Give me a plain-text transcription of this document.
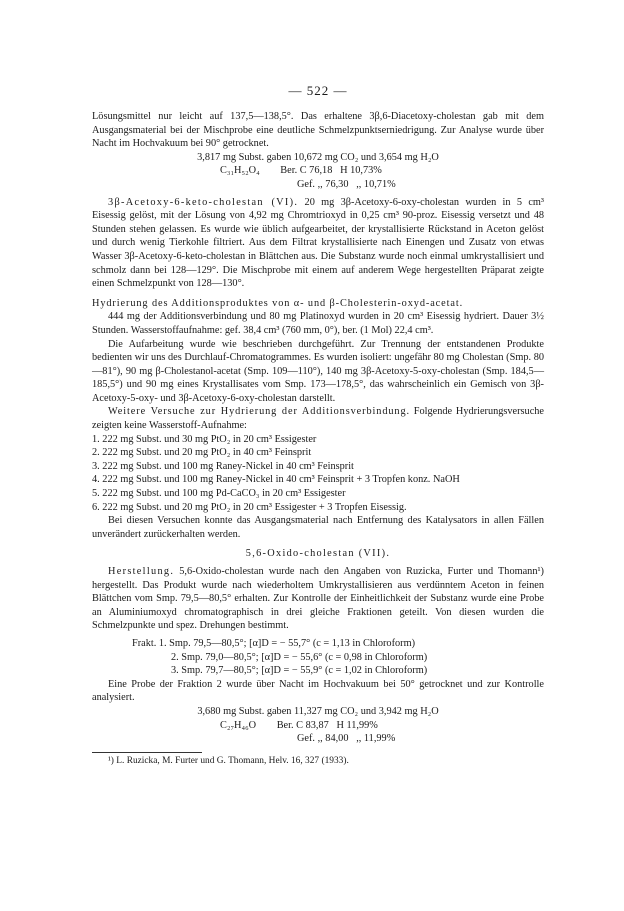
— 522 —

Lösungsmittel nur leicht auf 137,5—138,5°. Das erhaltene 3β,6-Diacetoxy-cholestan gab mit dem Ausgangsmaterial bei der Mischprobe eine deutliche Schmelzpunktserniedrigung. Zur Analyse wurde über Nacht im Hochvakuum bei 90° getrocknet.

3,817 mg Subst. gaben 10,672 mg CO₂ und 3,654 mg H₂O

C₃₁H₅₂O₄        Ber. C 76,18   H 10,73%

Gef. ,, 76,30   ,, 10,71%

3β-Acetoxy-6-keto-cholestan (VI). 20 mg 3β-Acetoxy-6-oxy-cholestan wurden in 5 cm³ Eisessig gelöst, mit der Lösung von 4,92 mg Chromtrioxyd in 0,25 cm³ 90-proz. Eisessig versetzt und 48 Stunden stehen gelassen. Es wurde wie üblich aufgearbeitet, der krystallisierte Rückstand in Aceton gelöst und durch wenig Tierkohle filtriert. Aus dem Filtrat krystallisierte nach Einengen und Zusatz von etwas Wasser 3β-Acetoxy-6-keto-cholestan in Blättchen aus. Die Substanz wurde noch einmal umkrystallisiert und schmolz dann bei 128—129°. Die Mischprobe mit einem auf anderem Wege hergestellten Präparat zeigte einen Schmelzpunkt von 128—130°.

Hydrierung des Additionsproduktes von α- und β-Cholesterin-oxyd-acetat.

444 mg der Additionsverbindung und 80 mg Platinoxyd wurden in 20 cm³ Eisessig hydriert. Dauer 3½ Stunden. Wasserstoffaufnahme: gef. 38,4 cm³ (760 mm, 0°), ber. (1 Mol) 22,4 cm³.

Die Aufarbeitung wurde wie beschrieben durchgeführt. Zur Trennung der entstandenen Produkte bedienten wir uns des Durchlauf-Chromatogrammes. Es wurden isoliert: ungefähr 80 mg Cholestan (Smp. 80—81°), 90 mg β-Cholestanol-acetat (Smp. 109—110°), 140 mg 3β-Acetoxy-5-oxy-cholestan (Smp. 184,5—185,5°) und 90 mg eines Krystallisates vom Smp. 173—178,5°, das wahrscheinlich ein Gemisch von 3β-Acetoxy-5-oxy- und 3β-Acetoxy-6-oxy-cholestan darstellt.

Weitere Versuche zur Hydrierung der Additionsverbindung. Folgende Hydrierungsversuche zeigten keine Wasserstoff-Aufnahme:

1. 222 mg Subst. und 30 mg PtO₂ in 20 cm³ Essigester
2. 222 mg Subst. und 20 mg PtO₂ in 40 cm³ Feinsprit
3. 222 mg Subst. und 100 mg Raney-Nickel in 40 cm³ Feinsprit
4. 222 mg Subst. und 100 mg Raney-Nickel in 40 cm³ Feinsprit + 3 Tropfen konz. NaOH
5. 222 mg Subst. und 100 mg Pd-CaCO₃ in 20 cm³ Essigester
6. 222 mg Subst. und 20 mg PtO₂ in 20 cm³ Essigester + 3 Tropfen Eisessig.

Bei diesen Versuchen konnte das Ausgangsmaterial nach Entfernung des Katalysators in allen Fällen unverändert zurückerhalten werden.

5,6-Oxido-cholestan (VII).

Herstellung. 5,6-Oxido-cholestan wurde nach den Angaben von Ruzicka, Furter und Thomann¹) hergestellt. Das Produkt wurde nach wiederholtem Umkrystallisieren aus verdünntem Aceton in feinen Blättchen vom Smp. 79,5—80,5° erhalten. Zur Kontrolle der Einheitlichkeit der Substanz wurde eine Probe an Aluminiumoxyd chromatographisch in drei gleiche Fraktionen geteilt. Von diesen wurden die Schmelzpunkte und spez. Drehungen bestimmt.

Frakt. 1. Smp. 79,5—80,5°; [α]D = − 55,7° (c = 1,13 in Chloroform)

2. Smp. 79,0—80,5°; [α]D = − 55,6° (c = 0,98 in Chloroform)

3. Smp. 79,7—80,5°; [α]D = − 55,9° (c = 1,02 in Chloroform)

Eine Probe der Fraktion 2 wurde über Nacht im Hochvakuum bei 50° getrocknet und zur Kontrolle analysiert.

3,680 mg Subst. gaben 11,327 mg CO₂ und 3,942 mg H₂O

C₂₇H₄₆O        Ber. C 83,87   H 11,99%

Gef. ,, 84,00   ,, 11,99%

¹) L. Ruzicka, M. Furter und G. Thomann, Helv. 16, 327 (1933).
